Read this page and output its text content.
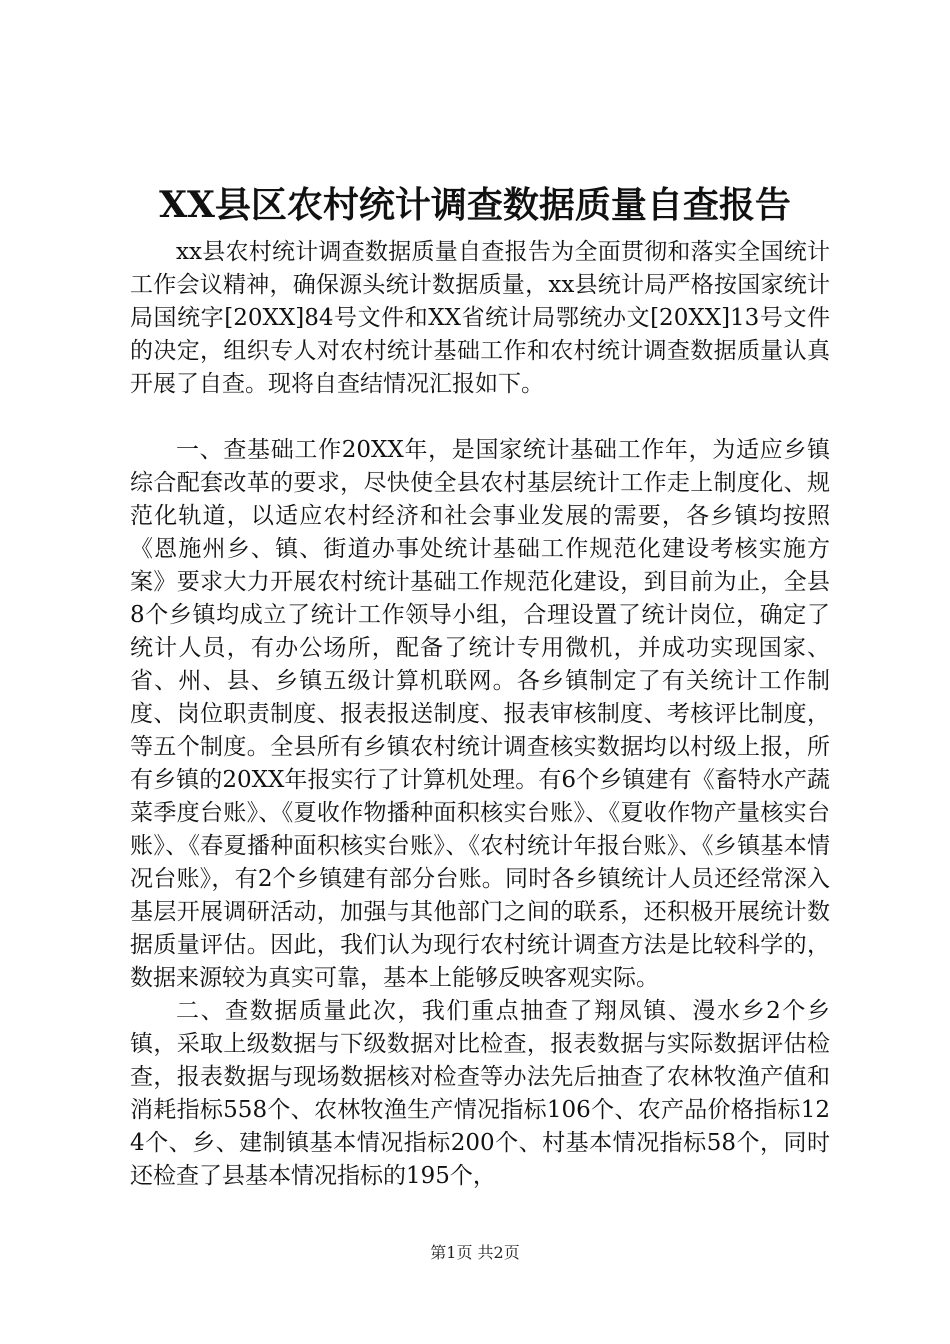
XX县区农村统计调查数据质量自查报告

xx县农村统计调查数据质量自查报告为全面贯彻和落实全国统计工作会议精神，确保源头统计数据质量，xx县统计局严格按国家统计局国统字[20XX]84号文件和XX省统计局鄂统办文[20XX]13号文件的决定，组织专人对农村统计基础工作和农村统计调查数据质量认真开展了自查。现将自查结情况汇报如下。

一、查基础工作20XX年，是国家统计基础工作年，为适应乡镇综合配套改革的要求，尽快使全县农村基层统计工作走上制度化、规范化轨道，以适应农村经济和社会事业发展的需要，各乡镇均按照《恩施州乡、镇、街道办事处统计基础工作规范化建设考核实施方案》要求大力开展农村统计基础工作规范化建设，到目前为止，全县8个乡镇均成立了统计工作领导小组，合理设置了统计岗位，确定了统计人员，有办公场所，配备了统计专用微机，并成功实现国家、省、州、县、乡镇五级计算机联网。各乡镇制定了有关统计工作制度、岗位职责制度、报表报送制度、报表审核制度、考核评比制度，等五个制度。全县所有乡镇农村统计调查核实数据均以村级上报，所有乡镇的20XX年报实行了计算机处理。有6个乡镇建有《畜特水产蔬菜季度台账》、《夏收作物播种面积核实台账》、《夏收作物产量核实台账》、《春夏播种面积核实台账》、《农村统计年报台账》、《乡镇基本情况台账》，有2个乡镇建有部分台账。同时各乡镇统计人员还经常深入基层开展调研活动，加强与其他部门之间的联系，还积极开展统计数据质量评估。因此，我们认为现行农村统计调查方法是比较科学的，数据来源较为真实可靠，基本上能够反映客观实际。

二、查数据质量此次，我们重点抽查了翔凤镇、漫水乡2个乡镇，采取上级数据与下级数据对比检查，报表数据与实际数据评估检查，报表数据与现场数据核对检查等办法先后抽查了农林牧渔产值和消耗指标558个、农林牧渔生产情况指标106个、农产品价格指标124个、乡、建制镇基本情况指标200个、村基本情况指标58个，同时还检查了县基本情况指标的195个，

第1页 共2页
